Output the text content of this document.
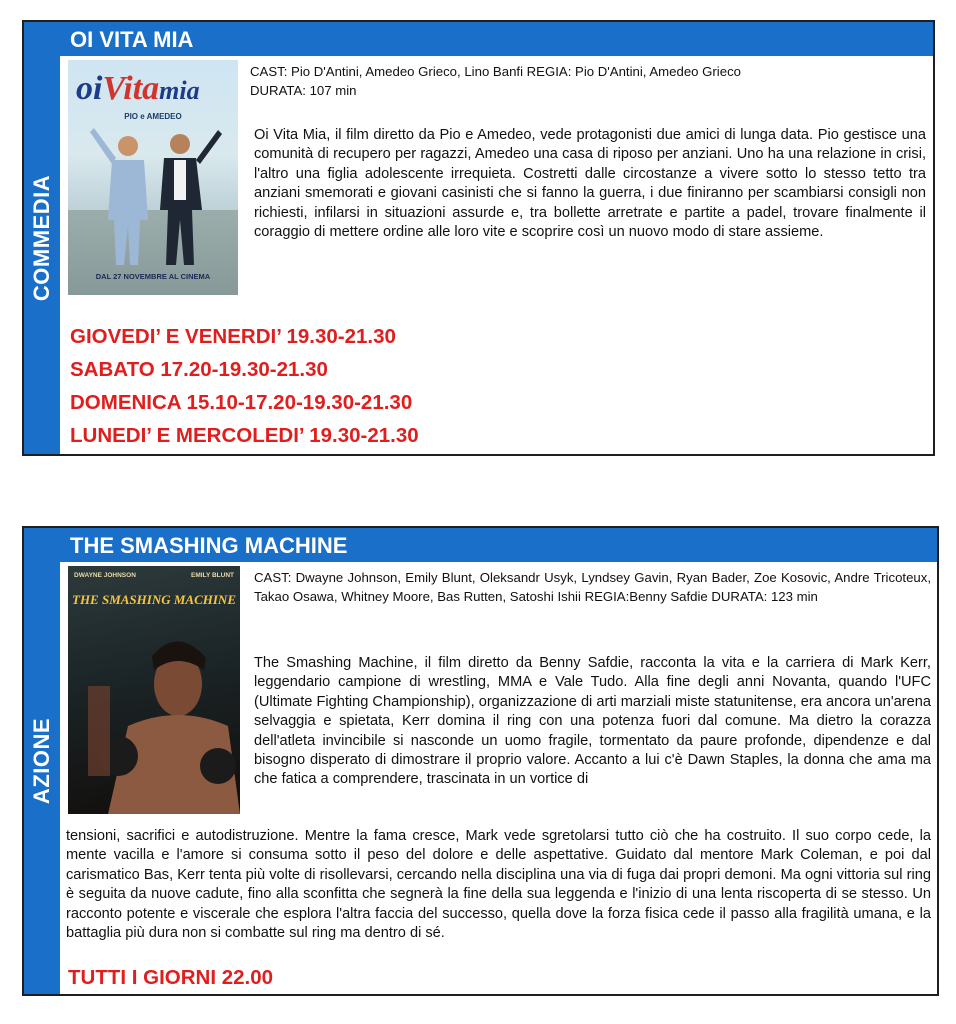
COMMEDIA
OI VITA MIA
oiVitamia
PIO e AMEDEO
DAL 27 NOVEMBRE AL CINEMA
CAST: Pio D'Antini, Amedeo Grieco, Lino Banfi REGIA: Pio D'Antini, Amedeo Grieco
DURATA: 107 min
Oi Vita Mia, il film diretto da Pio e Amedeo, vede protagonisti due amici di lunga data. Pio gestisce una comunità di recupero per ragazzi, Amedeo una casa di riposo per anziani. Uno ha una relazione in crisi, l'altro una figlia adolescente irrequieta. Costretti dalle circostanze a vivere sotto lo stesso tetto tra anziani smemorati e giovani casinisti che si fanno la guerra, i due finiranno per scambiarsi consigli non richiesti, infilarsi in situazioni assurde e, tra bollette arretrate e partite a padel, trovare finalmente il coraggio di mettere ordine alle loro vite e scoprire così un nuovo modo di stare assieme.
GIOVEDI’ E VENERDI’ 19.30-21.30
SABATO 17.20-19.30-21.30
DOMENICA 15.10-17.20-19.30-21.30
LUNEDI’ E MERCOLEDI’ 19.30-21.30
AZIONE
THE SMASHING MACHINE
DWAYNE JOHNSON	EMILY BLUNT
THE SMASHING MACHINE
CAST: Dwayne Johnson, Emily Blunt, Oleksandr Usyk, Lyndsey Gavin, Ryan Bader, Zoe Kosovic, Andre Tricoteux, Takao Osawa, Whitney Moore, Bas Rutten, Satoshi Ishii REGIA:Benny Safdie DURATA: 123 min
The Smashing Machine, il film diretto da Benny Safdie, racconta la vita e la carriera di Mark Kerr, leggendario campione di wrestling, MMA e Vale Tudo. Alla fine degli anni Novanta, quando l'UFC (Ultimate Fighting Championship), organizzazione di arti marziali miste statunitense, era ancora un'arena selvaggia e spietata, Kerr domina il ring con una potenza fuori dal comune. Ma dietro la corazza dell'atleta invincibile si nasconde un uomo fragile, tormentato da paure profonde, dipendenze e dal bisogno disperato di dimostrare il proprio valore. Accanto a lui c'è Dawn Staples, la donna che ama ma che fatica a comprendere, trascinata in un vortice di
tensioni, sacrifici e autodistruzione. Mentre la fama cresce, Mark vede sgretolarsi tutto ciò che ha costruito. Il suo corpo cede, la mente vacilla e l'amore si consuma sotto il peso del dolore e delle aspettative. Guidato dal mentore Mark Coleman, e poi dal carismatico Bas, Kerr tenta più volte di risollevarsi, cercando nella disciplina una via di fuga dai propri demoni. Ma ogni vittoria sul ring è seguita da nuove cadute, fino alla sconfitta che segnerà la fine della sua leggenda e l'inizio di una lenta riscoperta di se stesso. Un racconto potente e viscerale che esplora l'altra faccia del successo, quella dove la forza fisica cede il passo alla fragilità umana, e la battaglia più dura non si combatte sul ring ma dentro di sé.
TUTTI I GIORNI 22.00
